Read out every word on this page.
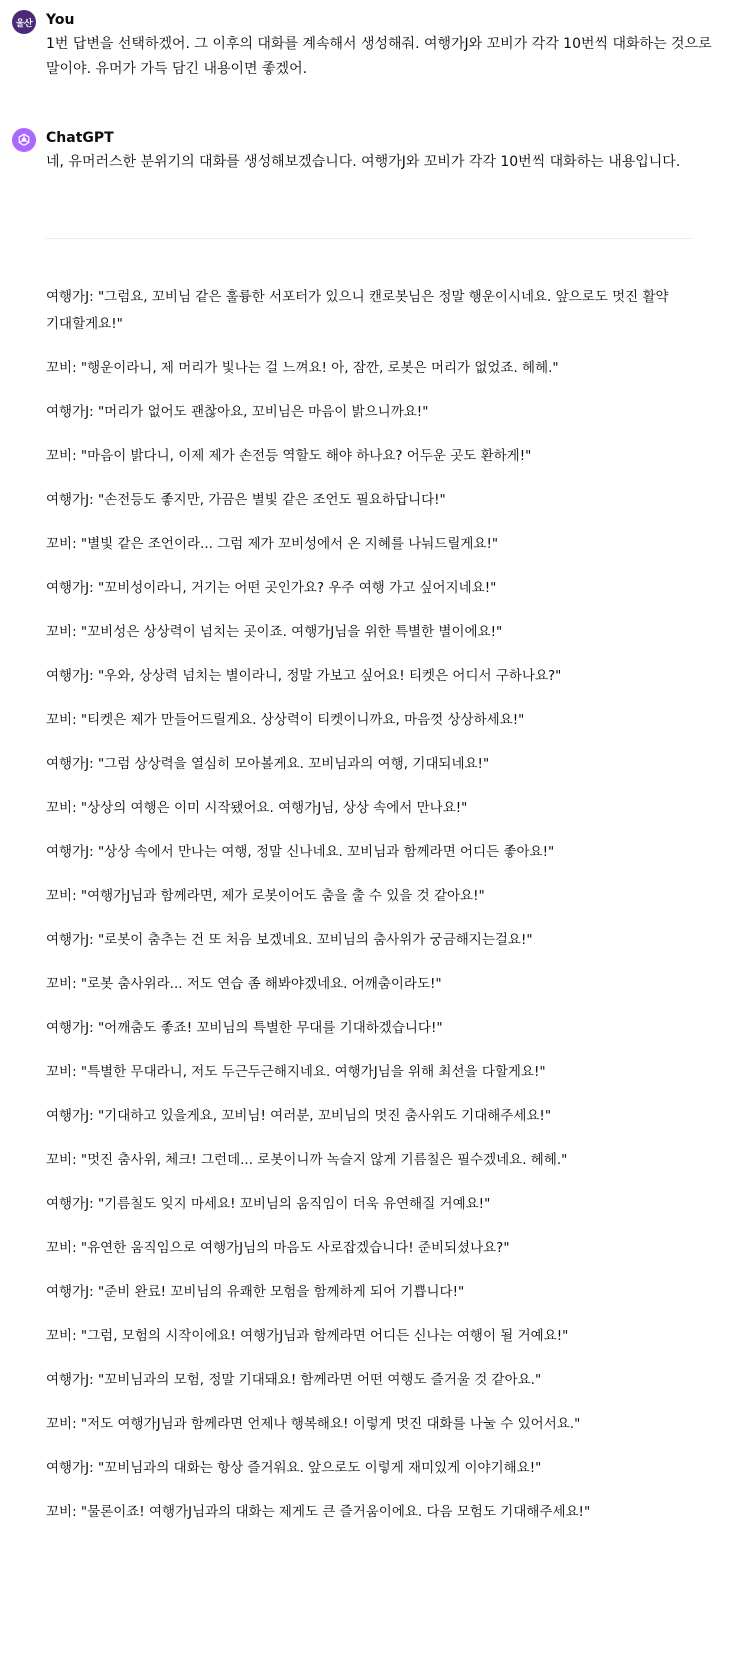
울산 You
1번 답변을 선택하겠어. 그 이후의 대화를 계속해서 생성해줘. 여행가J와 꼬비가 각각 10번씩 대화하는 것으로 말이야. 유머가 가득 담긴 내용이면 좋겠어.
ChatGPT
네, 유머러스한 분위기의 대화를 생성해보겠습니다. 여행가J와 꼬비가 각각 10번씩 대화하는 내용입니다.
여행가J: "그럼요, 꼬비님 같은 훌륭한 서포터가 있으니 캔로봇님은 정말 행운이시네요. 앞으로도 멋진 활약 기대할게요!"
꼬비: "행운이라니, 제 머리가 빛나는 걸 느껴요! 아, 잠깐, 로봇은 머리가 없었죠. 헤헤."
여행가J: "머리가 없어도 괜찮아요, 꼬비님은 마음이 밝으니까요!"
꼬비: "마음이 밝다니, 이제 제가 손전등 역할도 해야 하나요? 어두운 곳도 환하게!"
여행가J: "손전등도 좋지만, 가끔은 별빛 같은 조언도 필요하답니다!"
꼬비: "별빛 같은 조언이라... 그럼 제가 꼬비성에서 온 지혜를 나눠드릴게요!"
여행가J: "꼬비성이라니, 거기는 어떤 곳인가요? 우주 여행 가고 싶어지네요!"
꼬비: "꼬비성은 상상력이 넘치는 곳이죠. 여행가J님을 위한 특별한 별이에요!"
여행가J: "우와, 상상력 넘치는 별이라니, 정말 가보고 싶어요! 티켓은 어디서 구하나요?"
꼬비: "티켓은 제가 만들어드릴게요. 상상력이 티켓이니까요, 마음껏 상상하세요!"
여행가J: "그럼 상상력을 열심히 모아볼게요. 꼬비님과의 여행, 기대되네요!"
꼬비: "상상의 여행은 이미 시작됐어요. 여행가J님, 상상 속에서 만나요!"
여행가J: "상상 속에서 만나는 여행, 정말 신나네요. 꼬비님과 함께라면 어디든 좋아요!"
꼬비: "여행가J님과 함께라면, 제가 로봇이어도 춤을 출 수 있을 것 같아요!"
여행가J: "로봇이 춤추는 건 또 처음 보겠네요. 꼬비님의 춤사위가 궁금해지는걸요!"
꼬비: "로봇 춤사위라... 저도 연습 좀 해봐야겠네요. 어깨춤이라도!"
여행가J: "어깨춤도 좋죠! 꼬비님의 특별한 무대를 기대하겠습니다!"
꼬비: "특별한 무대라니, 저도 두근두근해지네요. 여행가J님을 위해 최선을 다할게요!"
여행가J: "기대하고 있을게요, 꼬비님! 여러분, 꼬비님의 멋진 춤사위도 기대해주세요!"
꼬비: "멋진 춤사위, 체크! 그런데... 로봇이니까 녹슬지 않게 기름칠은 필수겠네요. 헤헤."
여행가J: "기름칠도 잊지 마세요! 꼬비님의 움직임이 더욱 유연해질 거예요!"
꼬비: "유연한 움직임으로 여행가J님의 마음도 사로잡겠습니다! 준비되셨나요?"
여행가J: "준비 완료! 꼬비님의 유쾌한 모험을 함께하게 되어 기쁩니다!"
꼬비: "그럼, 모험의 시작이에요! 여행가J님과 함께라면 어디든 신나는 여행이 될 거예요!"
여행가J: "꼬비님과의 모험, 정말 기대돼요! 함께라면 어떤 여행도 즐거울 것 같아요."
꼬비: "저도 여행가J님과 함께라면 언제나 행복해요! 이렇게 멋진 대화를 나눌 수 있어서요."
여행가J: "꼬비님과의 대화는 항상 즐거워요. 앞으로도 이렇게 재미있게 이야기해요!"
꼬비: "물론이죠! 여행가J님과의 대화는 제게도 큰 즐거움이에요. 다음 모험도 기대해주세요!"
